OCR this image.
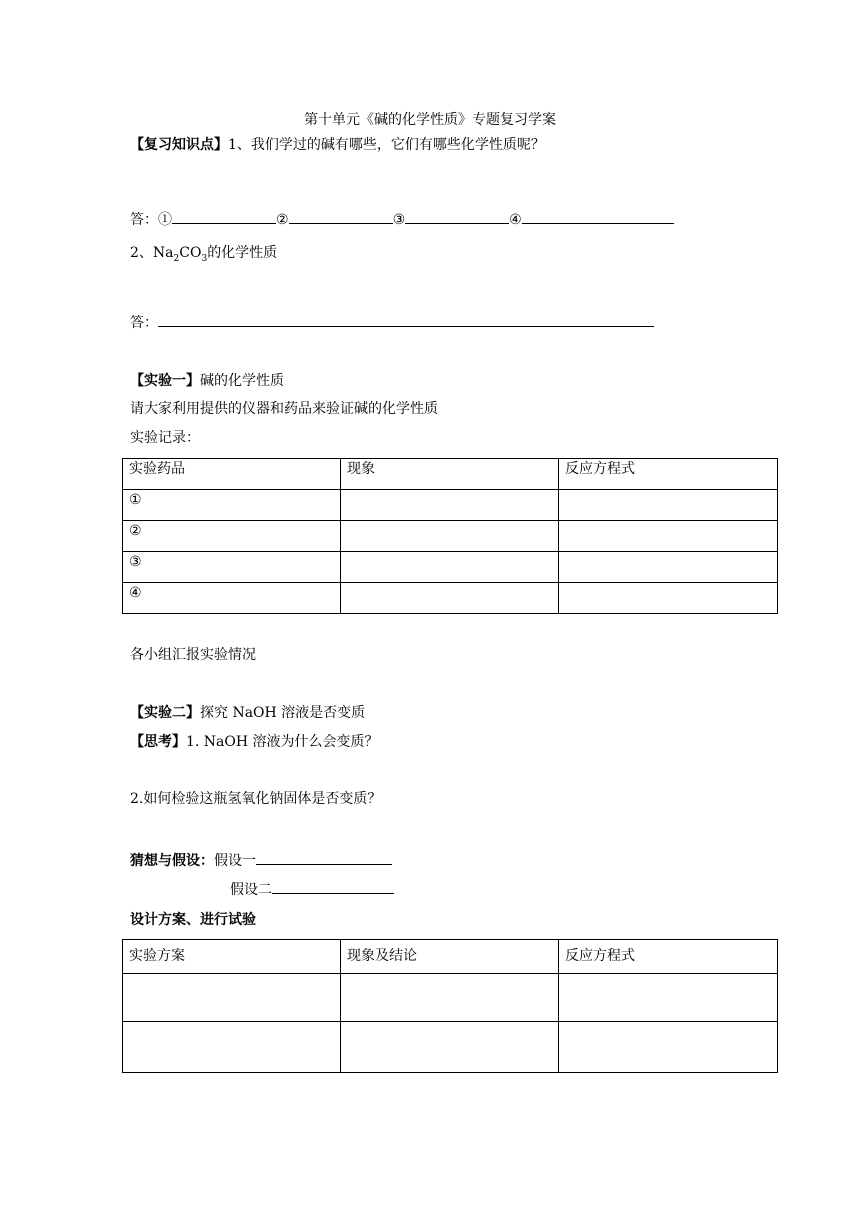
第十单元《碱的化学性质》专题复习学案
【复习知识点】1、我们学过的碱有哪些，它们有哪些化学性质呢？
答：①	②	③	④
2、$Na_2CO_3$的化学性质
答：
【实验一】碱的化学性质
请大家利用提供的仪器和药品来验证碱的化学性质
实验记录：
实验药品	现象	反应方程式
①		
②		
③		
④		
各小组汇报实验情况
【实验二】探究 NaOH 溶液是否变质
【思考】1. NaOH 溶液为什么会变质？
2.如何检验这瓶氢氧化钠固体是否变质？
猜想与假设：假设一
假设二
设计方案、进行试验
实验方案	现象及结论	反应方程式
